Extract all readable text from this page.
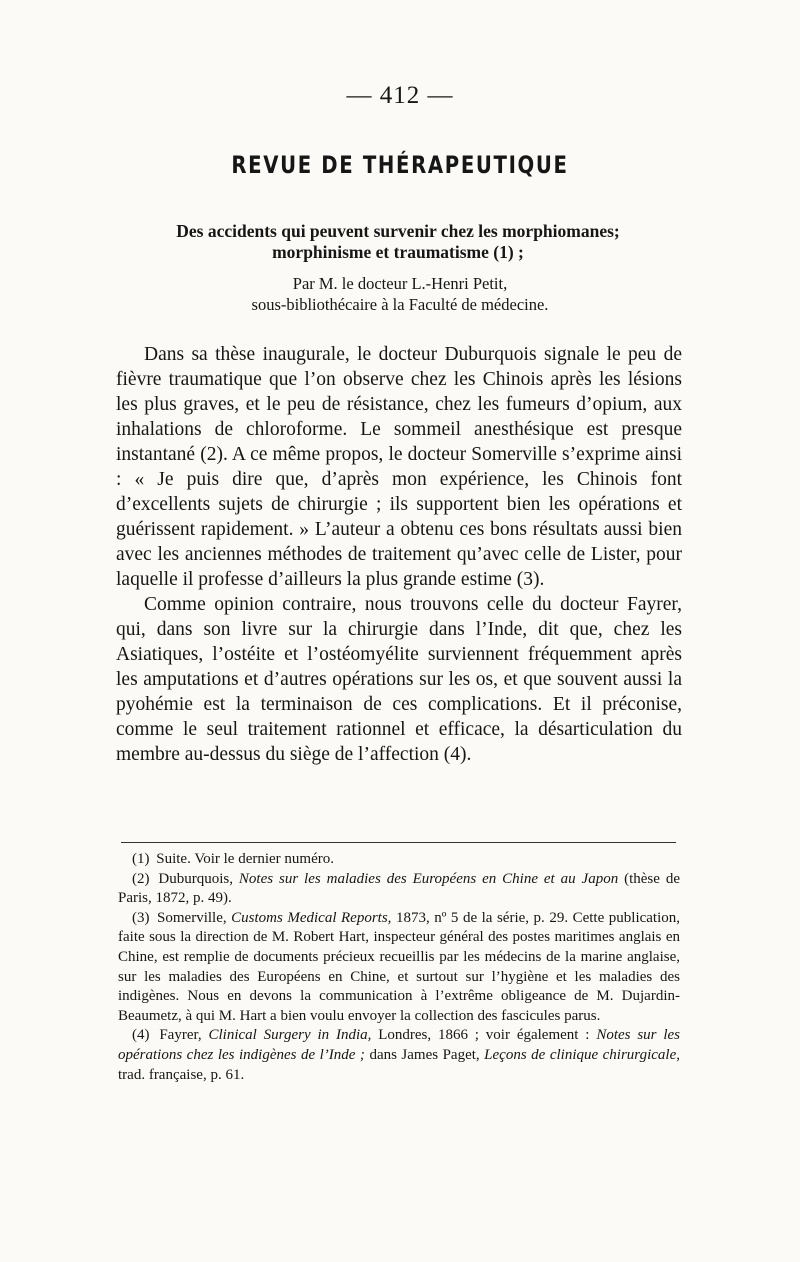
— 412 —
REVUE DE THÉRAPEUTIQUE
Des accidents qui peuvent survenir chez les morphiomanes;
morphinisme et traumatisme (1) ;
Par M. le docteur L.-Henri Petit,
sous-bibliothécaire à la Faculté de médecine.

Dans sa thèse inaugurale, le docteur Duburquois signale le peu de fièvre traumatique que l’on observe chez les Chinois après les lésions les plus graves, et le peu de résistance, chez les fumeurs d’opium, aux inhalations de chloroforme. Le sommeil anesthésique est presque instantané (2). A ce même propos, le docteur Somerville s’exprime ainsi : « Je puis dire que, d’après mon expérience, les Chinois font d’excellents sujets de chirurgie ; ils supportent bien les opérations et guérissent rapidement. » L’auteur a obtenu ces bons résultats aussi bien avec les anciennes méthodes de traitement qu’avec celle de Lister, pour laquelle il professe d’ailleurs la plus grande estime (3).

Comme opinion contraire, nous trouvons celle du docteur Fayrer, qui, dans son livre sur la chirurgie dans l’Inde, dit que, chez les Asiatiques, l’ostéite et l’ostéomyélite surviennent fréquemment après les amputations et d’autres opérations sur les os, et que souvent aussi la pyohémie est la terminaison de ces complications. Et il préconise, comme le seul traitement rationnel et efficace, la désarticulation du membre au-dessus du siège de l’affection (4).

(1) Suite. Voir le dernier numéro.

(2) Duburquois, Notes sur les maladies des Européens en Chine et au Japon (thèse de Paris, 1872, p. 49).

(3) Somerville, Customs Medical Reports, 1873, nº 5 de la série, p. 29. Cette publication, faite sous la direction de M. Robert Hart, inspecteur général des postes maritimes anglais en Chine, est remplie de documents précieux recueillis par les médecins de la marine anglaise, sur les maladies des Européens en Chine, et surtout sur l’hygiène et les maladies des indigènes. Nous en devons la communication à l’extrême obligeance de M. Dujardin-Beaumetz, à qui M. Hart a bien voulu envoyer la collection des fascicules parus.

(4) Fayrer, Clinical Surgery in India, Londres, 1866 ; voir également : Notes sur les opérations chez les indigènes de l’Inde ; dans James Paget, Leçons de clinique chirurgicale, trad. française, p. 61.
